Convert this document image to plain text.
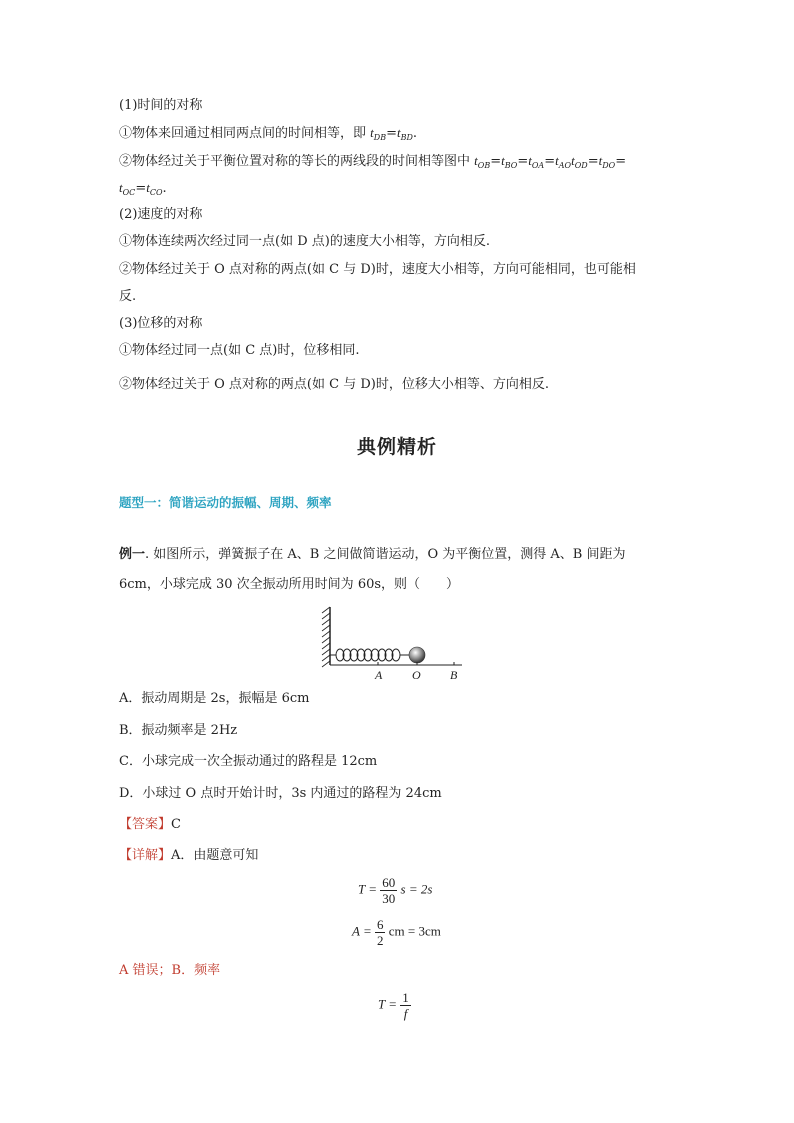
(1)时间的对称
①物体来回通过相同两点间的时间相等，即 $t_{DB}=t_{BD}$.
②物体经过关于平衡位置对称的等长的两线段的时间相等图中 $t_{OB}=t_{BO}=t_{OA}=t_{AO}t_{OD}=t_{DO}=$
$t_{OC}=t_{CO}$.
(2)速度的对称
①物体连续两次经过同一点(如 D 点)的速度大小相等，方向相反.
②物体经过关于 O 点对称的两点(如 C 与 D)时，速度大小相等，方向可能相同，也可能相
反.
(3)位移的对称
①物体经过同一点(如 C 点)时，位移相同.
②物体经过关于 O 点对称的两点(如 C 与 D)时，位移大小相等、方向相反.
典例精析
题型一：简谐运动的振幅、周期、频率
例一. 如图所示，弹簧振子在 A、B 之间做简谐运动，O 为平衡位置，测得 A、B 间距为
6cm，小球完成 30 次全振动所用时间为 60s，则（　　）
A O B
A．振动周期是 2s，振幅是 6cm
B．振动频率是 2Hz
C．小球完成一次全振动通过的路程是 12cm
D．小球过 O 点时开始计时，3s 内通过的路程为 24cm
【答案】C
【详解】A．由题意可知
$T = \frac{60}{30}$ s = 2s
$A = \frac{6}{2}$ cm = 3cm
A 错误；B．频率
$T = \frac{1}{f}$
